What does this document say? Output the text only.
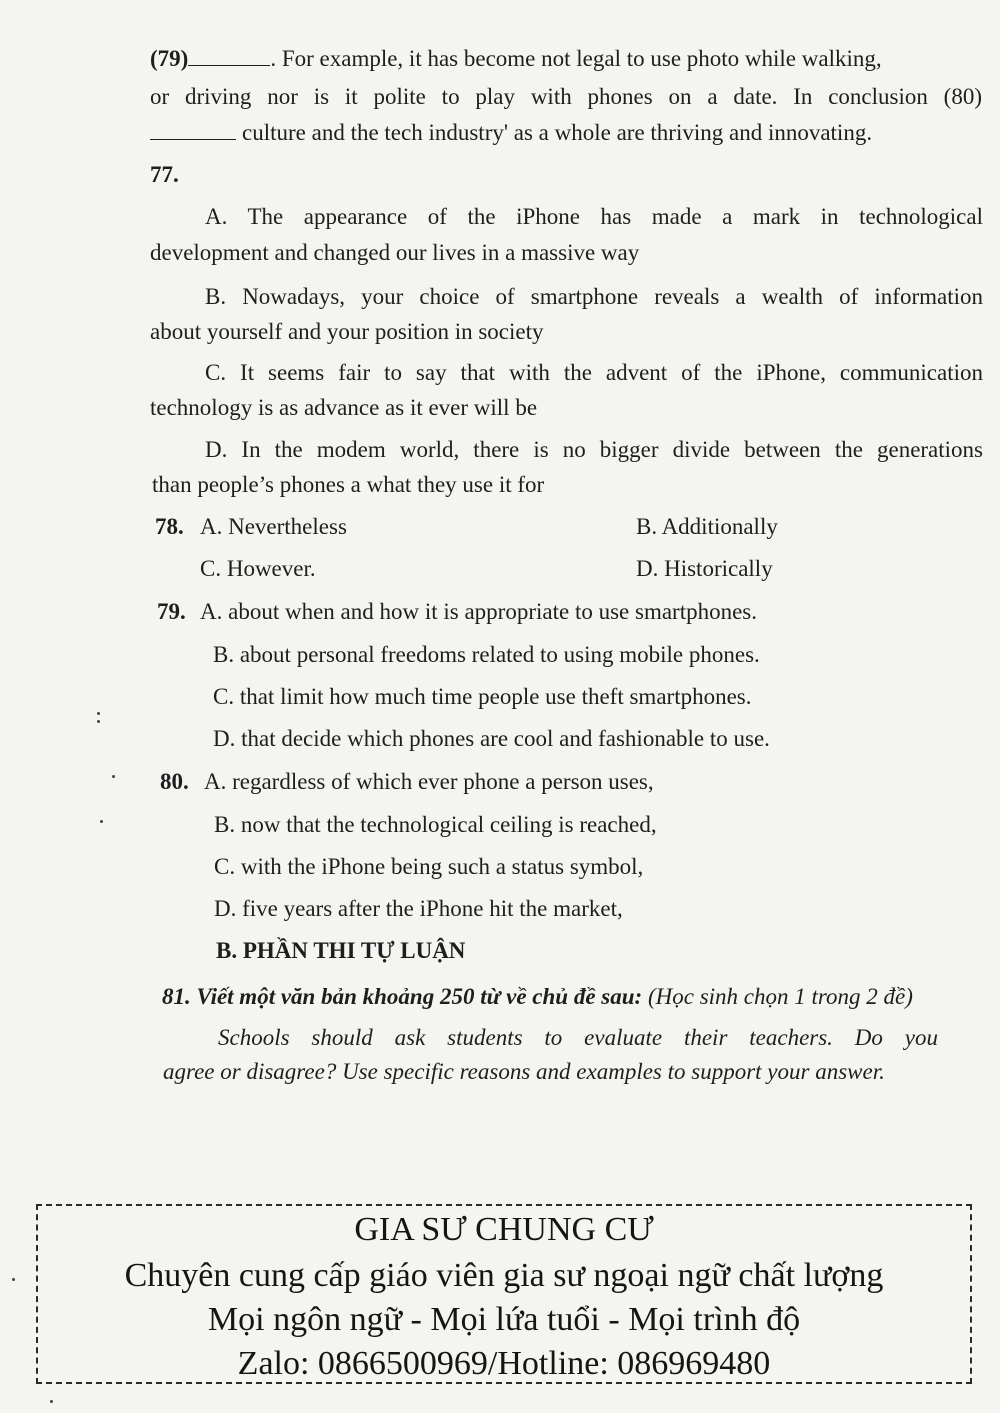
(79)	. For example, it has become not legal to use photo while walking,
or driving nor is it polite to play with phones on a date. In conclusion (80)
culture and the tech industry' as a whole are thriving and innovating.
77.
A. The appearance of the iPhone has made a mark in technological
development and changed our lives in a massive way
B. Nowadays, your choice of smartphone reveals a wealth of information
about yourself and your position in society
C. It seems fair to say that with the advent of the iPhone, communication
technology is as advance as it ever will be
D. In the modem world, there is no bigger divide between the generations
than people’s phones a what they use it for
78. A. Nevertheless	B. Additionally
C. However.	D. Historically
79. A. about when and how it is appropriate to use smartphones.
B. about personal freedoms related to using mobile phones.
C. that limit how much time people use theft smartphones.
D. that decide which phones are cool and fashionable to use.
80. A. regardless of which ever phone a person uses,
B. now that the technological ceiling is reached,
C. with the iPhone being such a status symbol,
D. five years after the iPhone hit the market,
B. PHẦN THI TỰ LUẬN
81. Viết một văn bản khoảng 250 từ về chủ đề sau: (Học sinh chọn 1 trong 2 đề)
Schools should ask students to evaluate their teachers. Do you
agree or disagree? Use specific reasons and examples to support your answer.
GIA SƯ CHUNG CƯ
Chuyên cung cấp giáo viên gia sư ngoại ngữ chất lượng
Mọi ngôn ngữ - Mọi lứa tuổi - Mọi trình độ
Zalo: 0866500969/Hotline: 086969480
